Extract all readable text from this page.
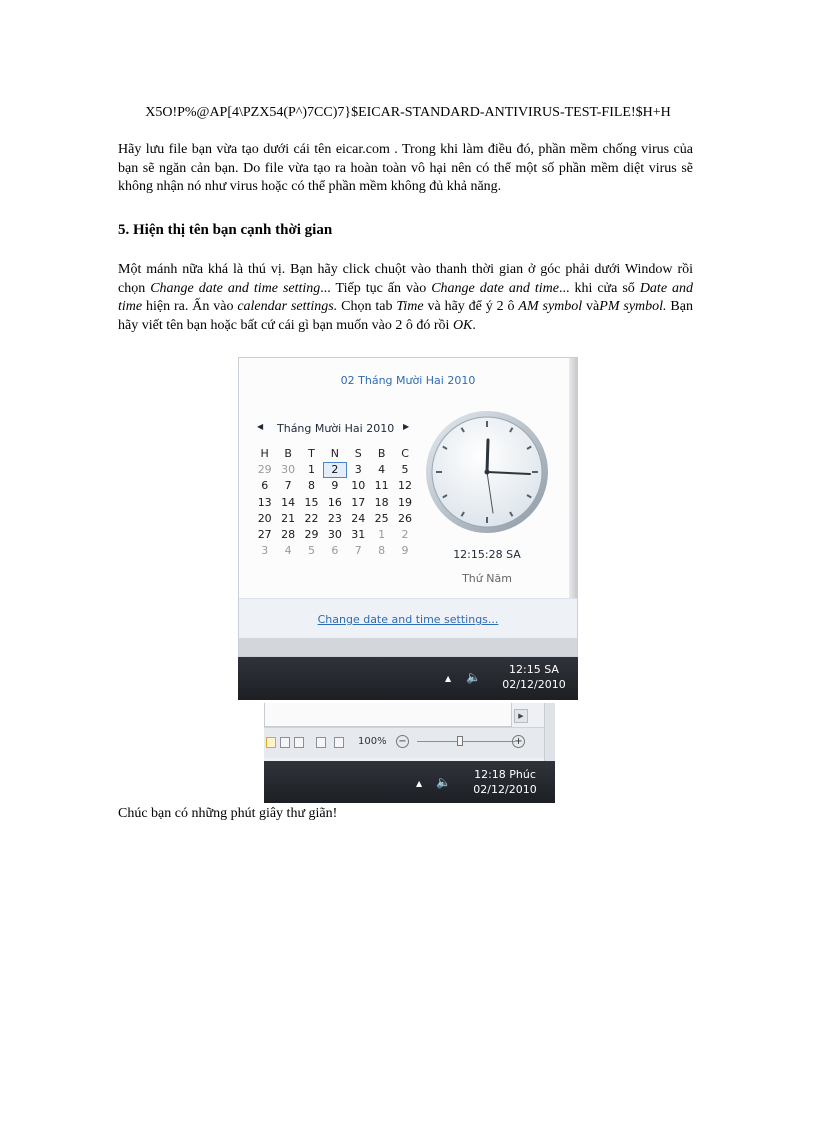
X5O!P%@AP[4\PZX54(P^)7CC)7}$EICAR-STANDARD-ANTIVIRUS-TEST-FILE!$H+H
Hãy lưu file bạn vừa tạo dưới cái tên eicar.com . Trong khi làm điều đó, phần mềm chống virus của bạn sẽ ngăn cản bạn. Do file vừa tạo ra hoàn toàn vô hại nên có thể một số phần mềm diệt virus sẽ không nhận nó như virus hoặc có thể phần mềm không đủ khả năng.
5. Hiện thị tên bạn cạnh thời gian
Một mánh nữa khá là thú vị. Bạn hãy click chuột vào thanh thời gian ở góc phải dưới Window rồi chọn Change date and time setting... Tiếp tục ấn vào Change date and time... khi cửa sổ Date and time hiện ra. Ấn vào calendar settings. Chọn tab Time và hãy để ý 2 ô AM symbol vàPM symbol. Bạn hãy viết tên bạn hoặc bất cứ cái gì bạn muốn vào 2 ô đó rồi OK.
02 Tháng Mười Hai 2010
◀ Tháng Mười Hai 2010 ▶
H	B	T	N	S	B	C
29 30	1	2	3	4	5
6	7	8	9	10 11 12
13 14 15 16 17 18 19
20 21 22 23 24 25 26
27 28 29 30 31	1	2
3	4	5	6	7	8	9	12:15:28 SA
Thứ Năm
Change date and time settings...
▲ 🔈
12:15 SA
02/12/2010
▶
100% −	+
▲ 🔈
12:18 Phúc
02/12/2010
Chúc bạn có những phút giây thư giãn!
